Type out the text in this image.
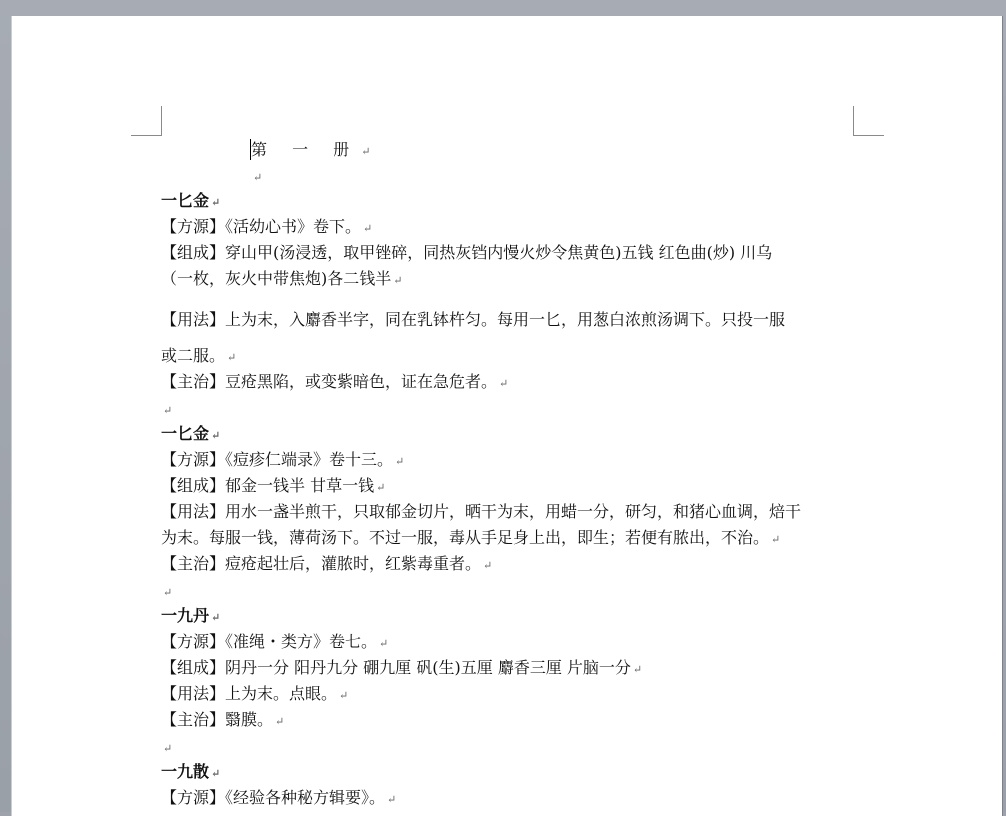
第 一 册 ↵
↵
一匕金 ↵
【方源】《活幼心书》卷下。 ↵
【组成】穿山甲(汤浸透，取甲锉碎，同热灰铛内慢火炒令焦黄色)五钱 红色曲(炒) 川乌
（一枚，灰火中带焦炮)各二钱半 ↵
【用法】上为末，入麝香半字，同在乳钵杵匀。每用一匕，用葱白浓煎汤调下。只投一服
或二服。 ↵
【主治】豆疮黑陷，或变紫暗色，证在急危者。 ↵
↵
一匕金 ↵
【方源】《痘疹仁端录》卷十三。 ↵
【组成】郁金一钱半 甘草一钱 ↵
【用法】用水一盏半煎干，只取郁金切片，晒干为末，用蜡一分，研匀，和猪心血调，焙干
为末。每服一钱，薄荷汤下。不过一服，毒从手足身上出，即生；若便有脓出，不治。 ↵
【主治】痘疮起壮后，灌脓时，红紫毒重者。 ↵
↵
一九丹 ↵
【方源】《准绳・类方》卷七。 ↵
【组成】阴丹一分 阳丹九分 硼九厘 矾(生)五厘 麝香三厘 片脑一分 ↵
【用法】上为末。点眼。 ↵
【主治】翳膜。 ↵
↵
一九散 ↵
【方源】《经验各种秘方辑要》。 ↵
